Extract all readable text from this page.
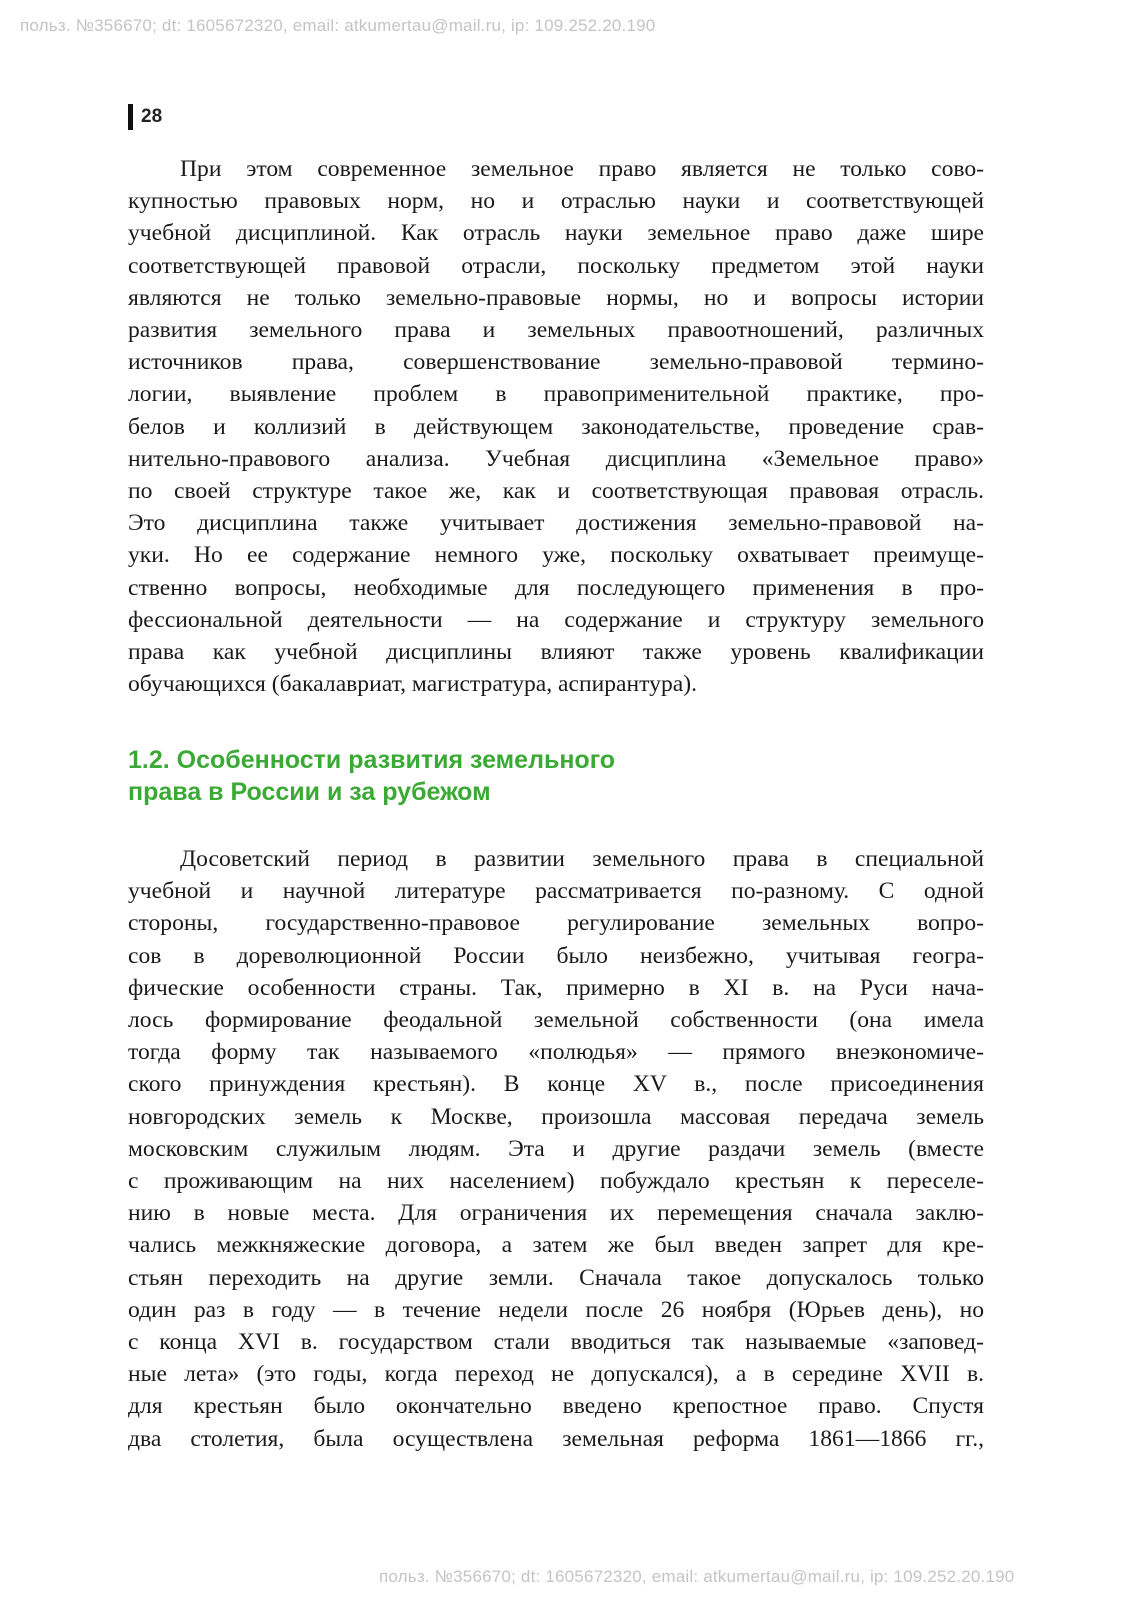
польз. №356670; dt: 1605672320, email: atkumertau@mail.ru, ip: 109.252.20.190
28
При этом современное земельное право является не только сово-
купностью правовых норм, но и отраслью науки и соответствующей
учебной дисциплиной. Как отрасль науки земельное право даже шире
соответствующей правовой отрасли, поскольку предметом этой науки
являются не только земельно-правовые нормы, но и вопросы истории
развития земельного права и земельных правоотношений, различных
источников права, совершенствование земельно-правовой термино-
логии, выявление проблем в правоприменительной практике, про-
белов и коллизий в действующем законодательстве, проведение срав-
нительно-правового анализа. Учебная дисциплина «Земельное право»
по своей структуре такое же, как и соответствующая правовая отрасль.
Это дисциплина также учитывает достижения земельно-правовой на-
уки. Но ее содержание немного уже, поскольку охватывает преимуще-
ственно вопросы, необходимые для последующего применения в про-
фессиональной деятельности — на содержание и структуру земельного
права как учебной дисциплины влияют также уровень квалификации
обучающихся (бакалавриат, магистратура, аспирантура).
1.2. Особенности развития земельного
права в России и за рубежом
Досоветский период в развитии земельного права в специальной
учебной и научной литературе рассматривается по-разному. С одной
стороны, государственно-правовое регулирование земельных вопро-
сов в дореволюционной России было неизбежно, учитывая геогра-
фические особенности страны. Так, примерно в XI в. на Руси нача-
лось формирование феодальной земельной собственности (она имела
тогда форму так называемого «полюдья» — прямого внеэкономиче-
ского принуждения крестьян). В конце XV в., после присоединения
новгородских земель к Москве, произошла массовая передача земель
московским служилым людям. Эта и другие раздачи земель (вместе
с проживающим на них населением) побуждало крестьян к переселе-
нию в новые места. Для ограничения их перемещения сначала заклю-
чались межкняжеские договора, а затем же был введен запрет для кре-
стьян переходить на другие земли. Сначала такое допускалось только
один раз в году — в течение недели после 26 ноября (Юрьев день), но
с конца XVI в. государством стали вводиться так называемые «заповед-
ные лета» (это годы, когда переход не допускался), а в середине XVII в.
для крестьян было окончательно введено крепостное право. Спустя
два столетия, была осуществлена земельная реформа 1861—1866 гг.,
польз. №356670; dt: 1605672320, email: atkumertau@mail.ru, ip: 109.252.20.190
